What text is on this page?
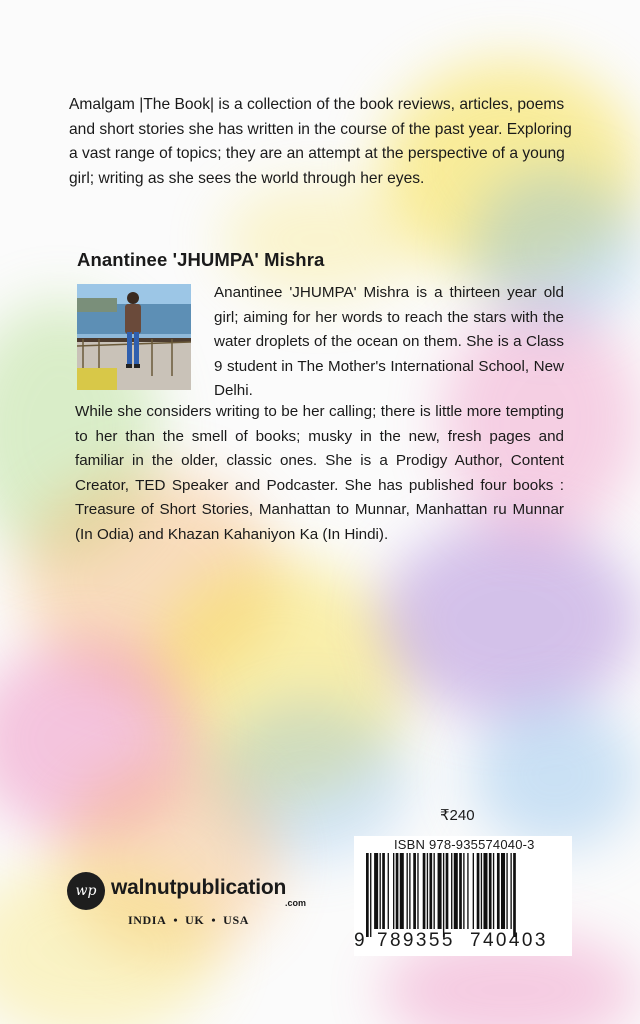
Amalgam |The Book| is a collection of the book reviews, articles, poems and short stories she has written in the course of the past year. Exploring a vast range of topics; they are an attempt at the perspective of a young girl; writing as she sees the world through her eyes.

Anantinee 'JHUMPA' Mishra

Anantinee 'JHUMPA' Mishra is a thirteen year old girl; aiming for her words to reach the stars with the water droplets of the ocean on them. She is a Class 9 student in The Mother's International School, New Delhi.

While she considers writing to be her calling; there is little more tempting to her than the smell of books; musky in the new, fresh pages and familiar in the older, classic ones. She is a Prodigy Author, Content Creator, TED Speaker and Podcaster. She has published four books : Treasure of Short Stories, Manhattan to Munnar, Manhattan ru Munnar (In Odia) and Khazan Kahaniyon Ka (In Hindi).

₹240
ISBN 978-935574040-3
9 789355 740403
wp walnutpublication
.com
INDIA • UK • USA
